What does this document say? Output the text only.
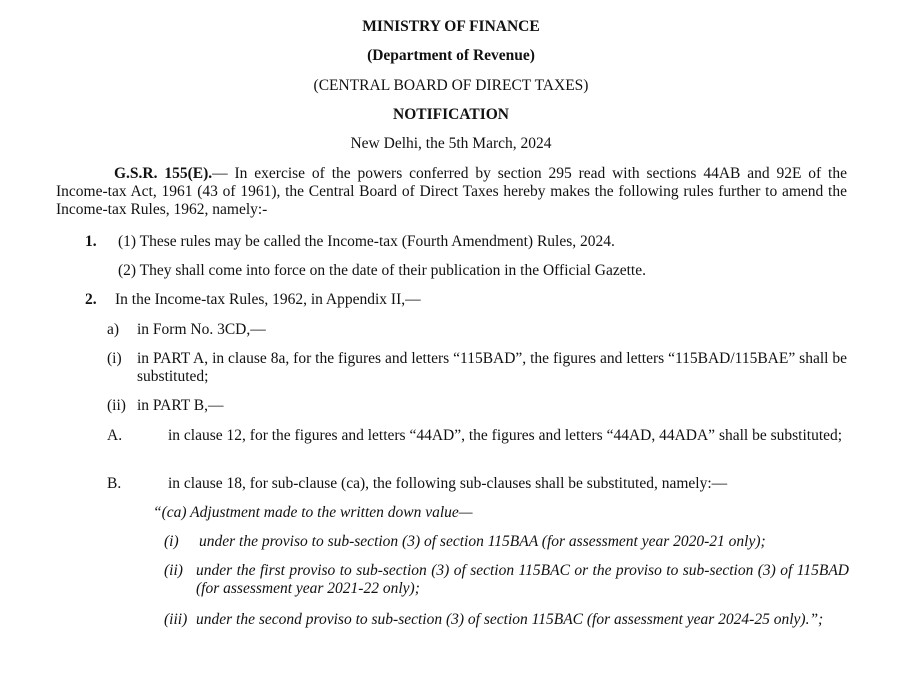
MINISTRY OF FINANCE
(Department of Revenue)
(CENTRAL BOARD OF DIRECT TAXES)
NOTIFICATION
New Delhi, the 5th March, 2024
G.S.R. 155(E).— In exercise of the powers conferred by section 295 read with sections 44AB and 92E of the Income-tax Act, 1961 (43 of 1961), the Central Board of Direct Taxes hereby makes the following rules further to amend the Income-tax Rules, 1962, namely:-
1. (1) These rules may be called the Income-tax (Fourth Amendment) Rules, 2024.
(2) They shall come into force on the date of their publication in the Official Gazette.
2. In the Income-tax Rules, 1962, in Appendix II,—
a) in Form No. 3CD,—
(i) in PART A, in clause 8a, for the figures and letters “115BAD”, the figures and letters “115BAD/115BAE” shall be substituted;
(ii) in PART B,—
A.	in clause 12, for the figures and letters “44AD”, the figures and letters “44AD, 44ADA” shall be substituted;
B.	in clause 18, for sub-clause (ca), the following sub-clauses shall be substituted, namely:—
“(ca) Adjustment made to the written down value—
(i) under the proviso to sub-section (3) of section 115BAA (for assessment year 2020-21 only);
(ii) under the first proviso to sub-section (3) of section 115BAC or the proviso to sub-section (3) of 115BAD (for assessment year 2021-22 only);
(iii) under the second proviso to sub-section (3) of section 115BAC (for assessment year 2024-25 only).”;
